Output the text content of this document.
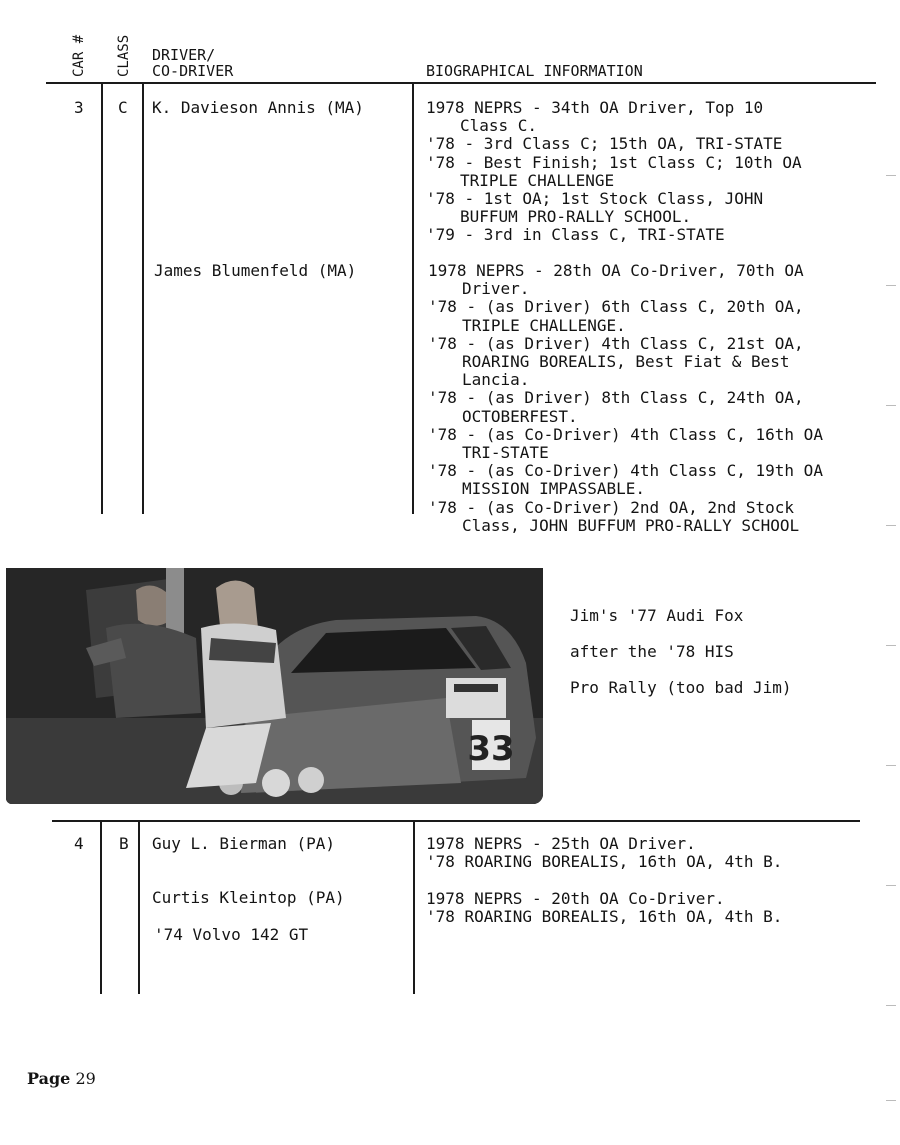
CAR # CLASS DRIVER/
CO-DRIVER	BIOGRAPHICAL INFORMATION
3 C K. Davieson Annis (MA)	1978 NEPRS - 34th OA Driver, Top 10

Class C.

'78 - 3rd Class C; 15th OA, TRI-STATE

'78 - Best Finish; 1st Class C; 10th OA

TRIPLE CHALLENGE

'78 - 1st OA; 1st Stock Class, JOHN

BUFFUM PRO-RALLY SCHOOL.

'79 - 3rd in Class C, TRI-STATE

James Blumenfeld (MA)	1978 NEPRS - 28th OA Co-Driver, 70th OA

Driver.

'78 - (as Driver) 6th Class C, 20th OA,

TRIPLE CHALLENGE.

'78 - (as Driver) 4th Class C, 21st OA,

ROARING BOREALIS, Best Fiat & Best

Lancia.

'78 - (as Driver) 8th Class C, 24th OA,

OCTOBERFEST.

'78 - (as Co-Driver) 4th Class C, 16th OA

TRI-STATE

'78 - (as Co-Driver) 4th Class C, 19th OA

MISSION IMPASSABLE.

'78 - (as Co-Driver) 2nd OA, 2nd Stock

Class, JOHN BUFFUM PRO-RALLY SCHOOL

33
Jim's '77 Audi Fox
after the '78 HIS
Pro Rally (too bad Jim)
4 B Guy L. Bierman (PA)	1978 NEPRS - 25th OA Driver.
'78 ROARING BOREALIS, 16th OA, 4th B.
Curtis Kleintop (PA)	1978 NEPRS - 20th OA Co-Driver.
'78 ROARING BOREALIS, 16th OA, 4th B.
'74 Volvo 142 GT
Page 29
